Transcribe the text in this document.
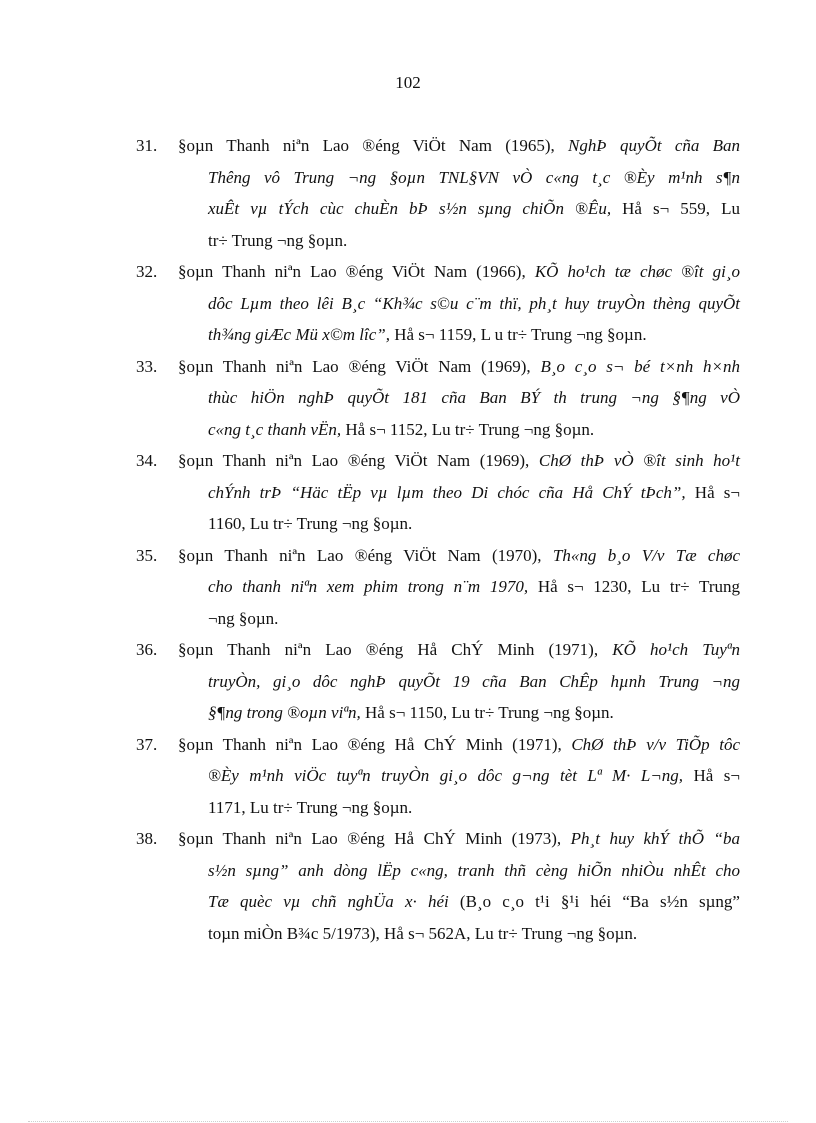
102
31. §oµn Thanh niªn Lao ®éng ViÖt Nam (1965), NghÞ quyÕt cña Ban
Thêng vô Trung ¬ng §oµn TNL§VN vÒ c«ng t¸c ®Èy m¹nh s¶n
xuÊt vµ tÝch cùc chuÈn bÞ s½n sµng chiÕn ®Êu, Hå s¬ 559, Lu
tr÷ Trung ¬ng §oµn.
32. §oµn Thanh niªn Lao ®éng ViÖt Nam (1966), KÕ ho¹ch tæ chøc ®ît gi¸o
dôc Lµm theo lêi B¸c “Kh¾c s©u c¨m thï, ph¸t huy truyÒn thèng quyÕt
th¾ng giÆc Mü x©m lîc”, Hå s¬ 1159, L u tr÷ Trung ¬ng §oµn.
33. §oµn Thanh niªn Lao ®éng ViÖt Nam (1969), B¸o c¸o s¬ bé t×nh h×nh
thùc hiÖn nghÞ quyÕt 181 cña Ban BÝ th trung ¬ng §¶ng vÒ
c«ng t¸c thanh vËn, Hå s¬ 1152, Lu tr÷ Trung ¬ng §oµn.
34. §oµn Thanh niªn Lao ®éng ViÖt Nam (1969), ChØ thÞ vÒ ®ît sinh ho¹t
chÝnh trÞ “Häc tËp vµ lµm theo Di chóc cña Hå ChÝ tÞch”, Hå s¬
1160, Lu tr÷ Trung ¬ng §oµn.
35. §oµn Thanh niªn Lao ®éng ViÖt Nam (1970), Th«ng b¸o V/v Tæ chøc
cho thanh niªn xem phim trong n¨m 1970, Hå s¬ 1230, Lu tr÷ Trung
¬ng §oµn.
36. §oµn Thanh niªn Lao ®éng Hå ChÝ Minh (1971), KÕ ho¹ch Tuyªn
truyÒn, gi¸o dôc nghÞ quyÕt 19 cña Ban ChÊp hµnh Trung ¬ng
§¶ng trong ®oµn viªn, Hå s¬ 1150, Lu tr÷ Trung ¬ng §oµn.
37. §oµn Thanh niªn Lao ®éng Hå ChÝ Minh (1971), ChØ thÞ v/v TiÕp tôc
®Èy m¹nh viÖc tuyªn truyÒn gi¸o dôc g¬ng tèt Lª M· L¬ng, Hå s¬
1171, Lu tr÷ Trung ¬ng §oµn.
38. §oµn Thanh niªn Lao ®éng Hå ChÝ Minh (1973), Ph¸t huy khÝ thÕ “ba
s½n sµng” anh dòng lËp c«ng, tranh thñ cèng hiÕn nhiÒu nhÊt cho
Tæ quèc vµ chñ nghÜa x· héi (B¸o c¸o t¹i §¹i héi “Ba s½n sµng”
toµn miÒn B¾c 5/1973), Hå s¬ 562A, Lu tr÷ Trung ¬ng §oµn.
